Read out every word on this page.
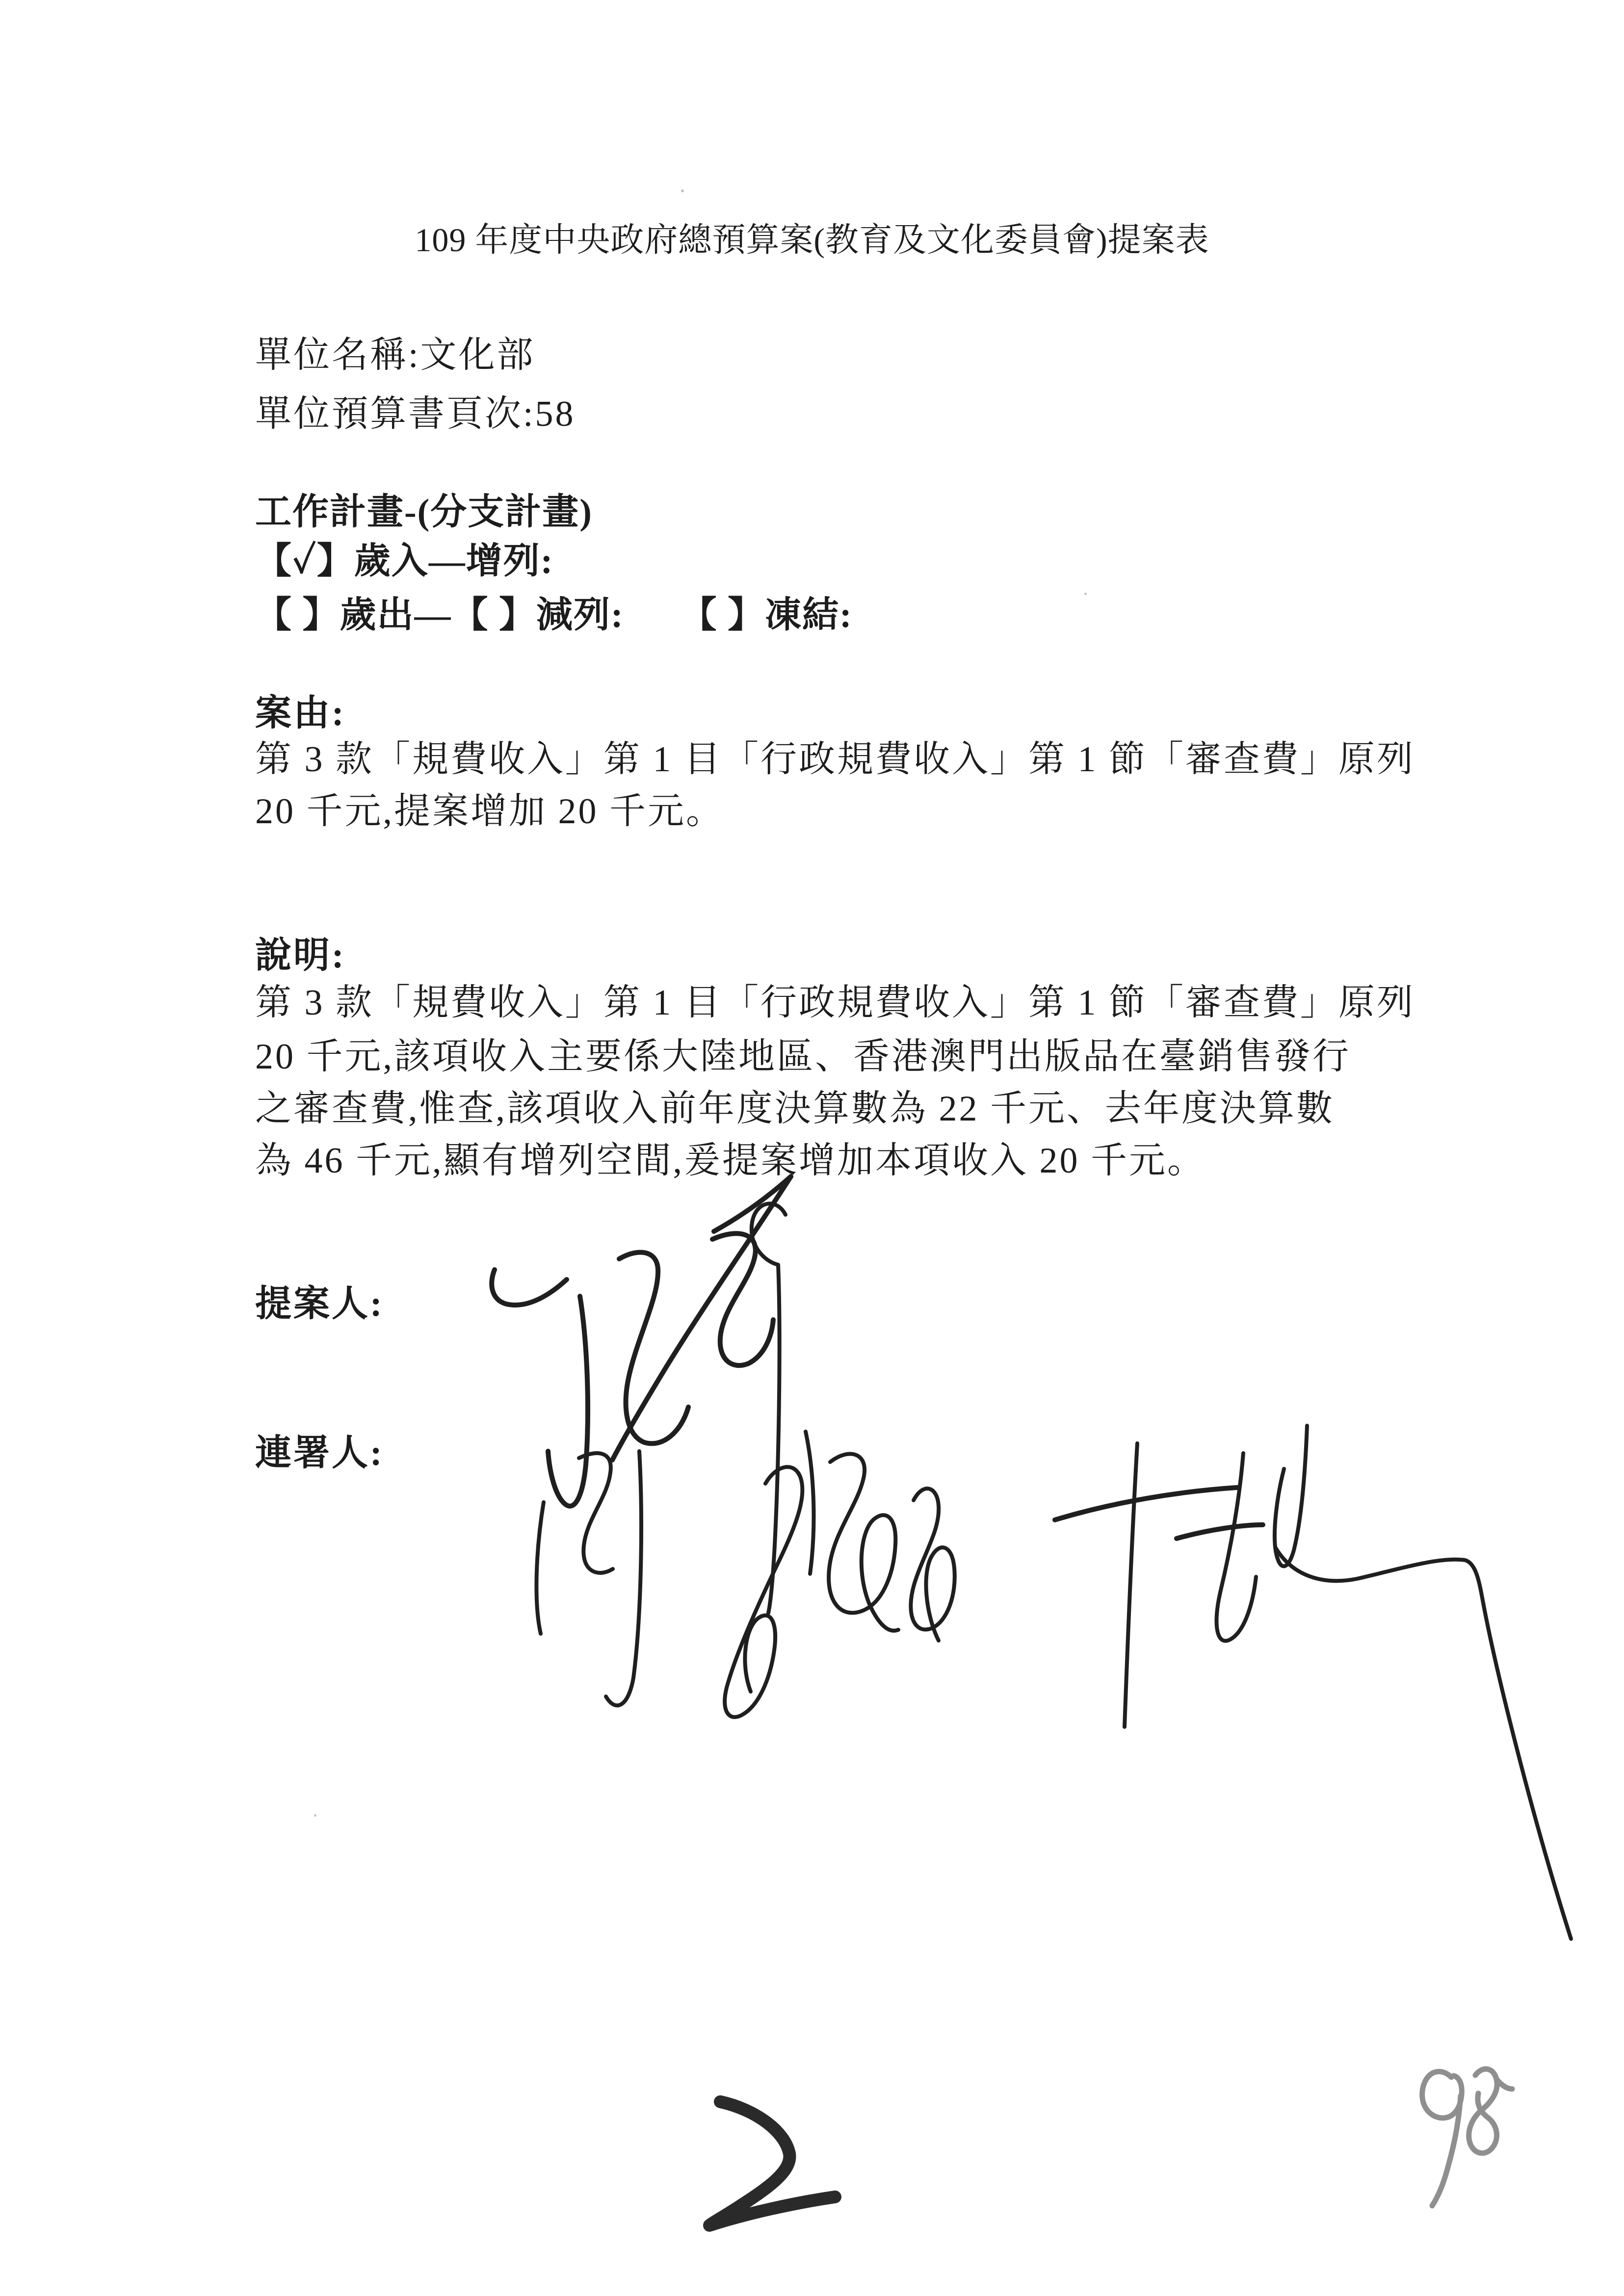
109 年度中央政府總預算案(教育及文化委員會)提案表
單位名稱:文化部
單位預算書頁次:58
工作計畫-(分支計畫)
【✓】歲入—增列:
【 】歲出—【 】減列:　　【 】凍結:
案由:
第 3 款「規費收入」第 1 目「行政規費收入」第 1 節「審查費」原列
20 千元,提案增加 20 千元。
說明:
第 3 款「規費收入」第 1 目「行政規費收入」第 1 節「審查費」原列
20 千元,該項收入主要係大陸地區、香港澳門出版品在臺銷售發行
之審查費,惟查,該項收入前年度決算數為 22 千元、去年度決算數
為 46 千元,顯有增列空間,爰提案增加本項收入 20 千元。
提案人:
連署人:
